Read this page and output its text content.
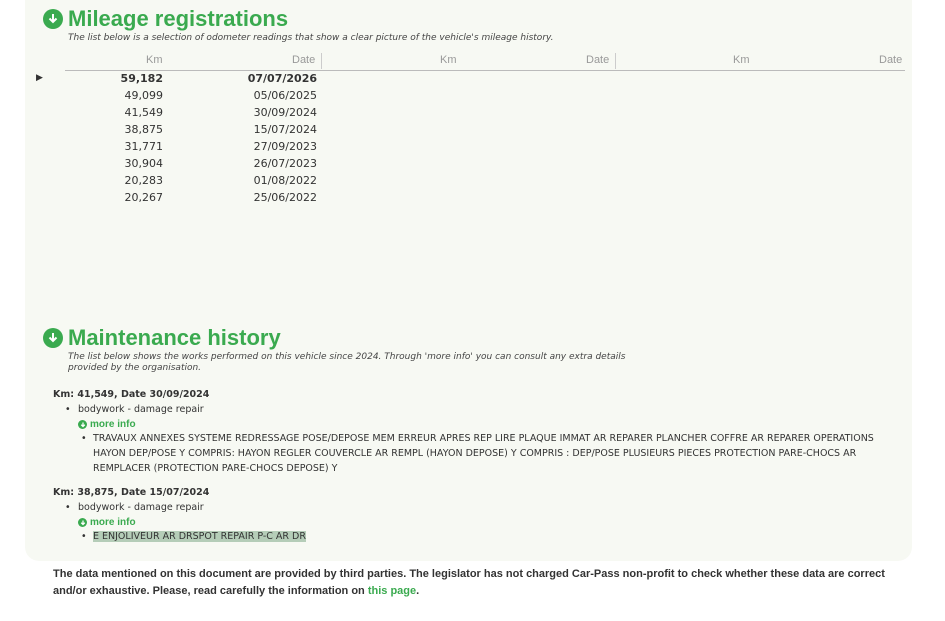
Mileage registrations
The list below is a selection of odometer readings that show a clear picture of the vehicle's mileage history.
Km	Date	Km	Date	Km	Date
▶	59,182	07/07/2026
49,099	05/06/2025
41,549	30/09/2024
38,875	15/07/2024
31,771	27/09/2023
30,904	26/07/2023
20,283	01/08/2022
20,267	25/06/2022
Maintenance history
The list below shows the works performed on this vehicle since 2024. Through 'more info' you can consult any extra details
provided by the organisation.
Km: 41,549, Date 30/09/2024
• bodywork - damage repair
more info
• TRAVAUX ANNEXES SYSTEME REDRESSAGE POSE/DEPOSE MEM ERREUR APRES REP LIRE PLAQUE IMMAT AR REPARER PLANCHER COFFRE AR REPARER OPERATIONS HAYON DEP/POSE Y COMPRIS: HAYON REGLER COUVERCLE AR REMPL (HAYON DEPOSE) Y COMPRIS : DEP/POSE PLUSIEURS PIECES PROTECTION PARE-CHOCS AR REMPLACER (PROTECTION PARE-CHOCS DEPOSE) Y
Km: 38,875, Date 15/07/2024
• bodywork - damage repair
more info
• E ENJOLIVEUR AR DRSPOT REPAIR P-C AR DR
The data mentioned on this document are provided by third parties. The legislator has not charged Car-Pass non-profit to check whether these data are correct and/or exhaustive. Please, read carefully the information on this page.
